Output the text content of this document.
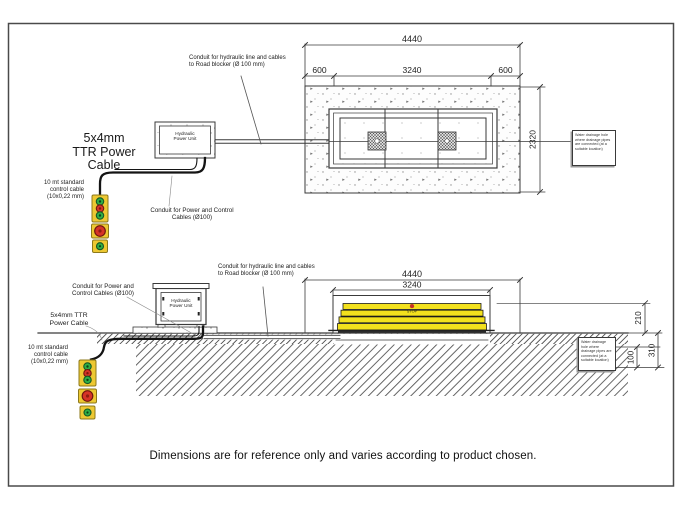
4440
600	3240	600
2320
STOP
4440
3240
210
100
310
Conduit for hydraulic line and cables to Road blocker (Ø 100 mm)
5x4mm TTR Power Cable
10 mt standard control cable (10x0,22 mm)
Conduit for Power and Control Cables (Ø100)
Hydraulic Power Unit
Water drainage hole where drainage pipes are connected (at a suitable location)
Conduit for hydraulic line and cables to Road blocker (Ø 100 mm)
Conduit for Power and Control Cables (Ø100)
5x4mm TTR Power Cable
10 mt standard control cable (10x0,22 mm)
Hydraulic Power Unit
Water drainage hole where drainage pipes are connected (at a suitable location)
Dimensions are for reference only and varies according to product chosen.
